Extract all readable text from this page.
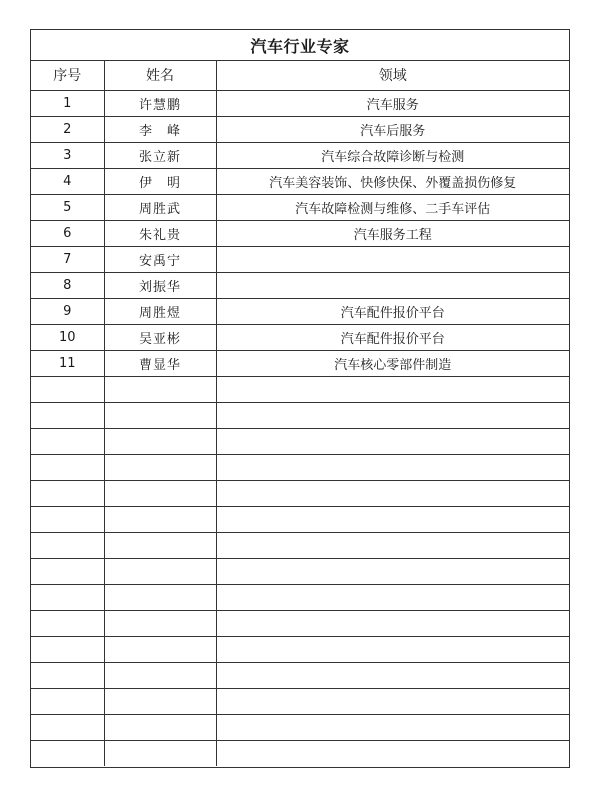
汽车行业专家
序号	姓名	领域
1	许慧鹏	汽车服务
2	李　峰	汽车后服务
3	张立新	汽车综合故障诊断与检测
4	伊　明	汽车美容装饰、快修快保、外覆盖损伤修复
5	周胜武	汽车故障检测与维修、二手车评估
6	朱礼贵	汽车服务工程
7	安禹宁	
8	刘振华	
9	周胜煜	汽车配件报价平台
10	吴亚彬	汽车配件报价平台
11	曹显华	汽车核心零部件制造
